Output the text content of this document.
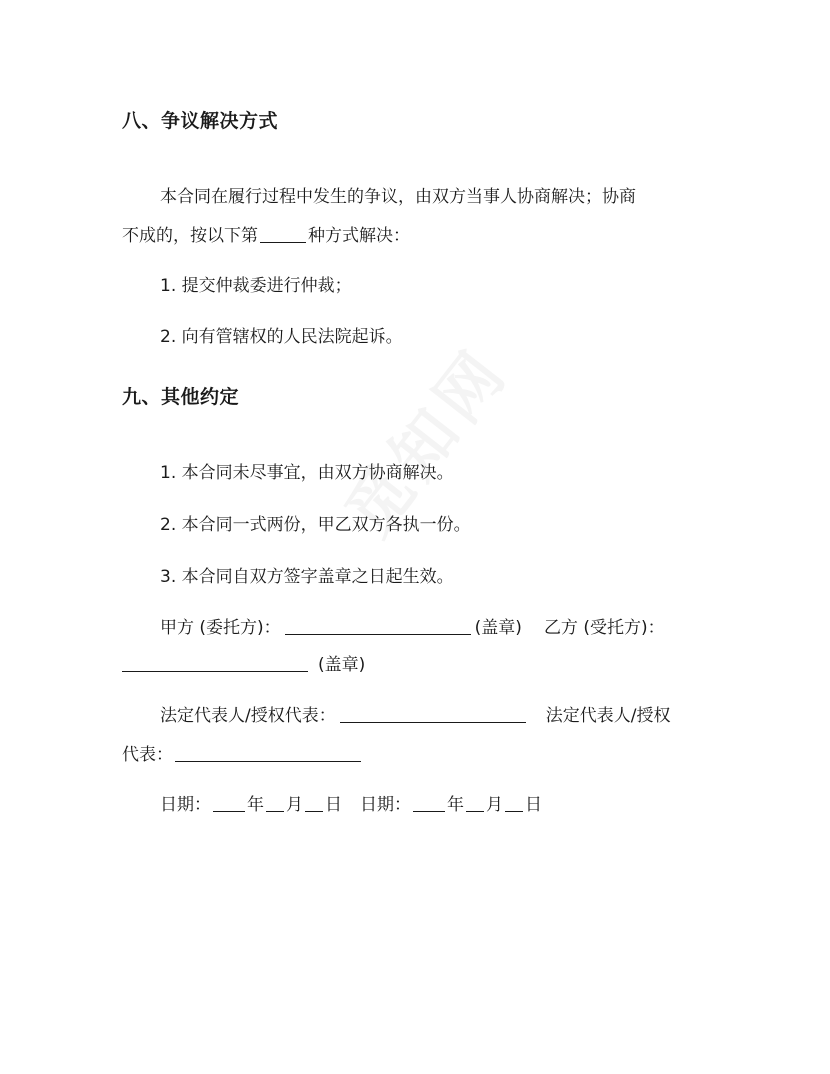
八、争议解决方式
本合同在履行过程中发生的争议，由双方当事人协商解决；协商
不成的，按以下第	种方式解决：
1. 提交仲裁委进行仲裁；
2. 向有管辖权的人民法院起诉。
九、其他约定
1. 本合同未尽事宜，由双方协商解决。
2. 本合同一式两份，甲乙双方各执一份。
3. 本合同自双方签字盖章之日起生效。
甲方 (委托方)：	(盖章) 乙方 (受托方)：
(盖章)
法定代表人/授权代表：	法定代表人/授权
代表：
日期： 年 月 日 日期： 年 月 日
